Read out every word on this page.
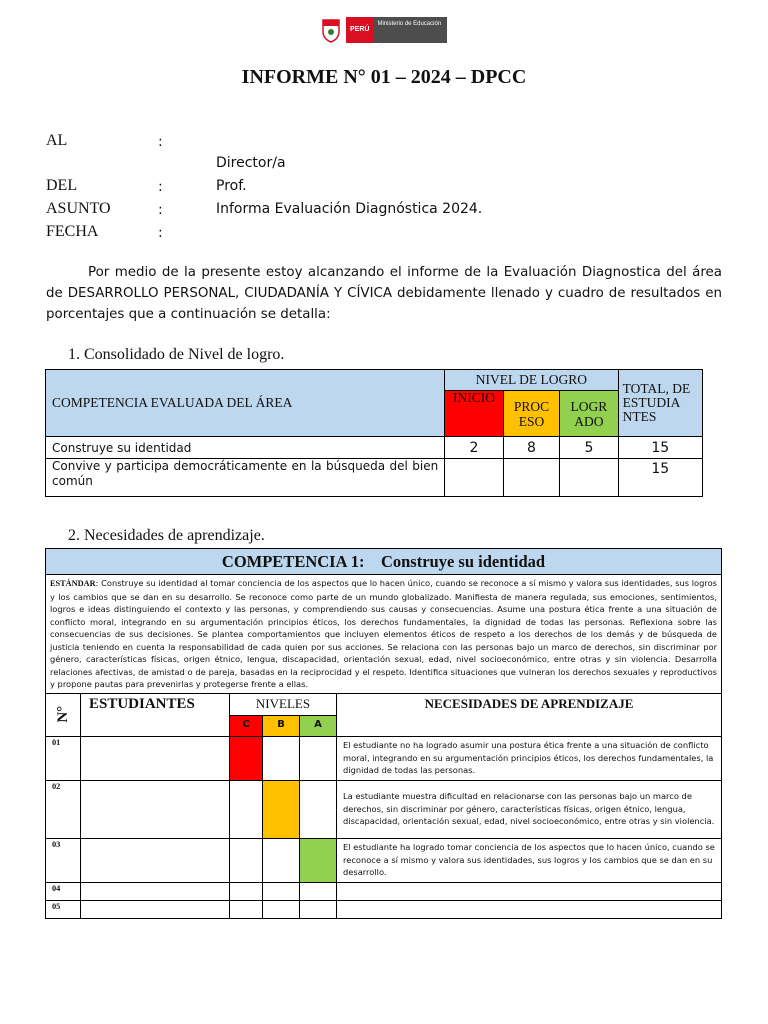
PERÚ
Ministerio de Educación
INFORME N° 01 – 2024 – DPCC
AL	:
Director/a
DEL	:	Prof.
ASUNTO	:	Informa Evaluación Diagnóstica 2024.
FECHA	:

Por medio de la presente estoy alcanzando el informe de la Evaluación Diagnostica del área de DESARROLLO PERSONAL, CIUDADANÍA Y CÍVICA debidamente llenado y cuadro de resultados en porcentajes que a continuación se detalla:

1. Consolidado de Nivel de logro.
COMPETENCIA EVALUADA DEL ÁREA	NIVEL DE LOGRO			TOTAL, DE ESTUDIA NTES
	INICIO	PROC ESO	LOGR ADO	
Construye su identidad	2	8	5	15
Convive y participa democráticamente en la búsqueda del bien común				15
2. Necesidades de aprendizaje.
COMPETENCIA 1:    Construye su identidad					
ESTÁNDAR: Construye su identidad al tomar conciencia de los aspectos que lo hacen único, cuando se reconoce a sí mismo y valora sus identidades, sus logros y los cambios que se dan en su desarrollo. Se reconoce como parte de un mundo globalizado. Manifiesta de manera regulada, sus emociones, sentimientos, logros e ideas distinguiendo el contexto y las personas, y comprendiendo sus causas y consecuencias. Asume una postura ética frente a una situación de conflicto moral, integrando en su argumentación principios éticos, los derechos fundamentales, la dignidad de todas las personas. Reflexiona sobre las consecuencias de sus decisiones. Se plantea comportamientos que incluyen elementos éticos de respeto a los derechos de los demás y de búsqueda de justicia teniendo en cuenta la responsabilidad de cada quien por sus acciones. Se relaciona con las personas bajo un marco de derechos, sin discriminar por género, características físicas, origen étnico, lengua, discapacidad, orientación sexual, edad, nivel socioeconómico, entre otras y sin violencia. Desarrolla relaciones afectivas, de amistad o de pareja, basadas en la reciprocidad y el respeto. Identifica situaciones que vulneran los derechos sexuales y reproductivos y propone pautas para prevenirlas y protegerse frente a ellas.					

N°	ESTUDIANTES	NIVELES			NECESIDADES DE APRENDIZAJE
		C	B	A	
01					El estudiante no ha logrado asumir una postura ética frente a una situación de conflicto moral, integrando en su argumentación principios éticos, los derechos fundamentales, la dignidad de todas las personas.
02					La estudiante muestra dificultad en relacionarse con las personas bajo un marco de derechos, sin discriminar por género, características físicas, origen étnico, lengua, discapacidad, orientación sexual, edad, nivel socioeconómico, entre otras y sin violencia.
03					El estudiante ha logrado tomar conciencia de los aspectos que lo hacen único, cuando se reconoce a sí mismo y valora sus identidades, sus logros y los cambios que se dan en su desarrollo.
04					
05					
